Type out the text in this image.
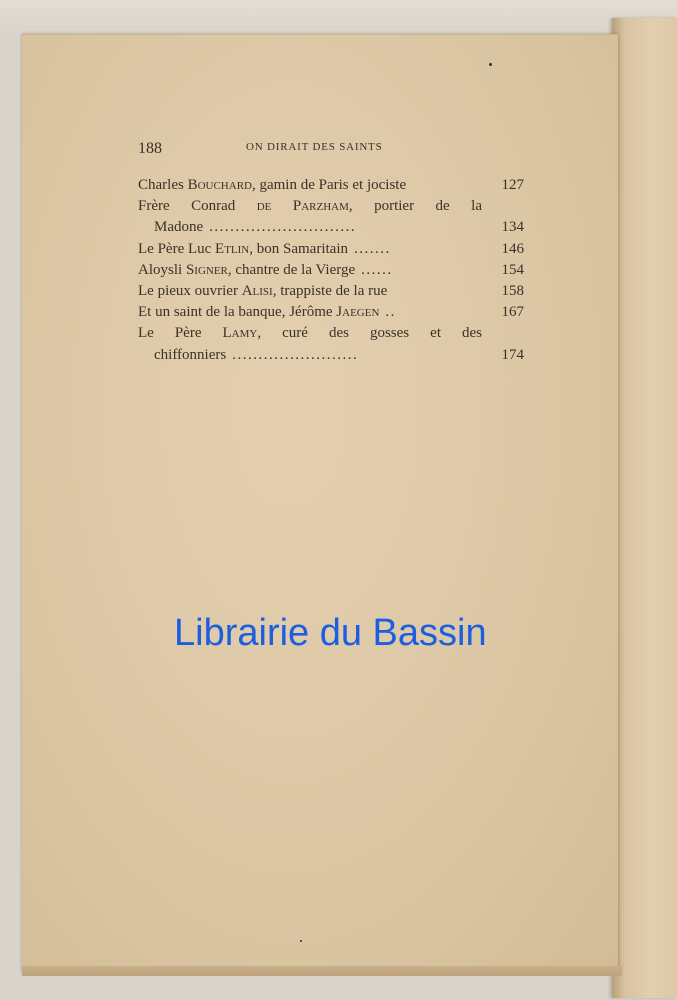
188	ON DIRAIT DES SAINTS
Charles Bouchard, gamin de Paris et jociste	127
Frère Conrad de Parzham, portier de la
Madone ............................	134
Le Père Luc Etlin, bon Samaritain .......	146
Aloysli Signer, chantre de la Vierge ......	154
Le pieux ouvrier Alisi, trappiste de la rue	158
Et un saint de la banque, Jérôme Jaegen ..	167
Le Père Lamy, curé des gosses et des
chiffonniers ........................	174
Librairie du Bassin
